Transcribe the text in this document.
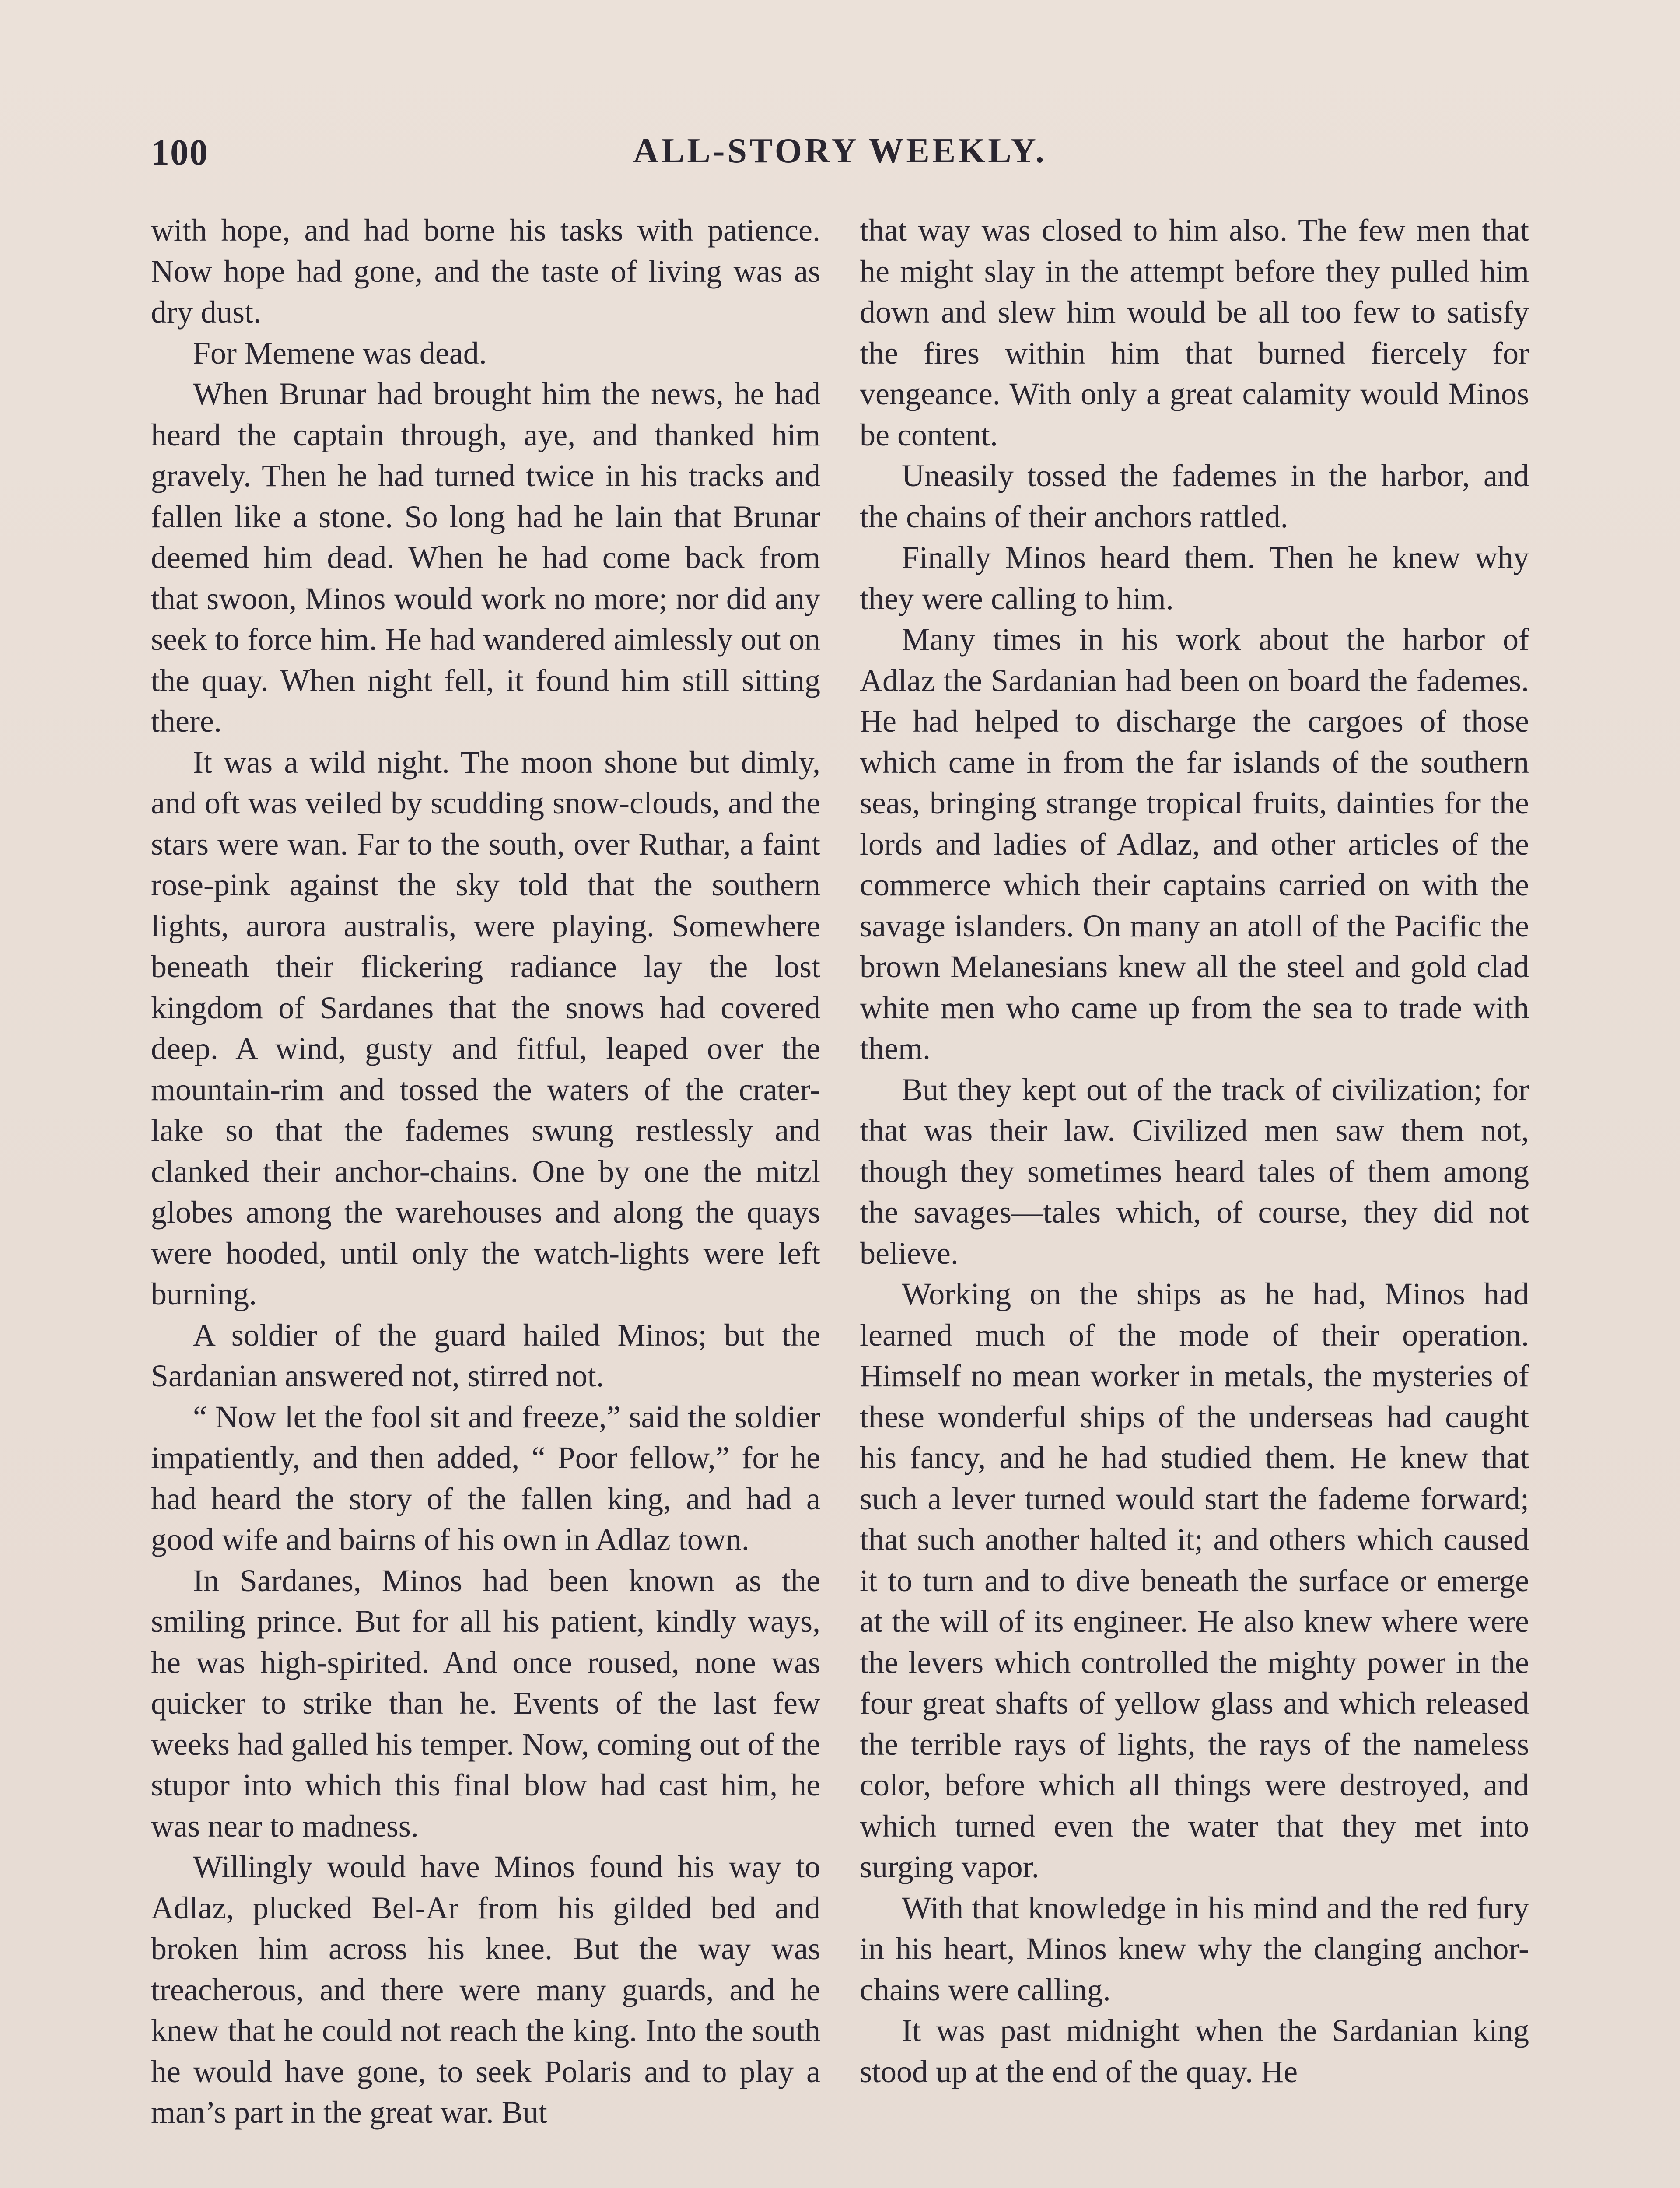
100	ALL-STORY WEEKLY.

with hope, and had borne his tasks with patience. Now hope had gone, and the taste of living was as dry dust.

For Memene was dead.

When Brunar had brought him the news, he had heard the captain through, aye, and thanked him gravely. Then he had turned twice in his tracks and fallen like a stone. So long had he lain that Brunar deemed him dead. When he had come back from that swoon, Minos would work no more; nor did any seek to force him. He had wandered aimlessly out on the quay. When night fell, it found him still sitting there.

It was a wild night. The moon shone but dimly, and oft was veiled by scudding snow-clouds, and the stars were wan. Far to the south, over Ruthar, a faint rose-pink against the sky told that the southern lights, aurora australis, were playing. Somewhere beneath their flickering radiance lay the lost kingdom of Sardanes that the snows had covered deep. A wind, gusty and fitful, leaped over the mountain-rim and tossed the waters of the crater-lake so that the fademes swung restlessly and clanked their anchor-chains. One by one the mitzl globes among the warehouses and along the quays were hooded, until only the watch-lights were left burning.

A soldier of the guard hailed Minos; but the Sardanian answered not, stirred not.

“ Now let the fool sit and freeze,” said the soldier impatiently, and then added, “ Poor fellow,” for he had heard the story of the fallen king, and had a good wife and bairns of his own in Adlaz town.

In Sardanes, Minos had been known as the smiling prince. But for all his patient, kindly ways, he was high-spirited. And once roused, none was quicker to strike than he. Events of the last few weeks had galled his temper. Now, coming out of the stupor into which this final blow had cast him, he was near to madness.

Willingly would have Minos found his way to Adlaz, plucked Bel-Ar from his gilded bed and broken him across his knee. But the way was treacherous, and there were many guards, and he knew that he could not reach the king. Into the south he would have gone, to seek Polaris and to play a man’s part in the great war. But

that way was closed to him also. The few men that he might slay in the attempt before they pulled him down and slew him would be all too few to satisfy the fires within him that burned fiercely for vengeance. With only a great calamity would Minos be content.

Uneasily tossed the fademes in the harbor, and the chains of their anchors rattled.

Finally Minos heard them. Then he knew why they were calling to him.

Many times in his work about the harbor of Adlaz the Sardanian had been on board the fademes. He had helped to discharge the cargoes of those which came in from the far islands of the southern seas, bringing strange tropical fruits, dainties for the lords and ladies of Adlaz, and other articles of the commerce which their captains carried on with the savage islanders. On many an atoll of the Pacific the brown Melanesians knew all the steel and gold clad white men who came up from the sea to trade with them.

But they kept out of the track of civilization; for that was their law. Civilized men saw them not, though they sometimes heard tales of them among the savages—tales which, of course, they did not believe.

Working on the ships as he had, Minos had learned much of the mode of their operation. Himself no mean worker in metals, the mysteries of these wonderful ships of the underseas had caught his fancy, and he had studied them. He knew that such a lever turned would start the fademe forward; that such another halted it; and others which caused it to turn and to dive beneath the surface or emerge at the will of its engineer. He also knew where were the levers which controlled the mighty power in the four great shafts of yellow glass and which released the terrible rays of lights, the rays of the nameless color, before which all things were destroyed, and which turned even the water that they met into surging vapor.

With that knowledge in his mind and the red fury in his heart, Minos knew why the clanging anchor-chains were calling.

It was past midnight when the Sardanian king stood up at the end of the quay. He
